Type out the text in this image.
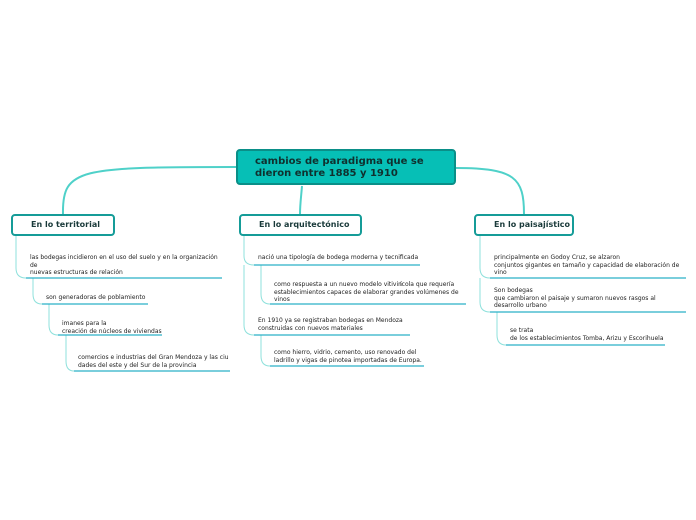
cambios de paradigma que se
dieron entre 1885 y 1910
En lo territorial	En lo arquitectónico	En lo paisajístico
las bodegas incidieron en el uso del suelo y en la organización de
nuevas estructuras de relación
son generadoras de poblamiento
imanes para la
creación de núcleos de viviendas
comercios e industrias del Gran Mendoza y las ciu
dades del este y del Sur de la provincia
nació una tipología de bodega moderna y tecnificada
como respuesta a un nuevo modelo vitivin
establecimientos capaces de elaborar grandes volúmenes de
vinos
ícola que requería
En 1910 ya se registraban bodegas en Mendoza
construidas con nuevos materiales
como hierro, vidrio, cemento, uso renovado del
ladrillo y vigas de pinotea importadas de Europa.
principalmente en Godoy Cruz, se alzaron
conjuntos gigantes en tamaño y capacidad de elaboración de
vino
Son bodegas
que cambiaron el paisaje y sumaron nuevos rasgos al
desarrollo urbano
se trata
de los establecimientos Tomba, Arizu y Escorihuela
